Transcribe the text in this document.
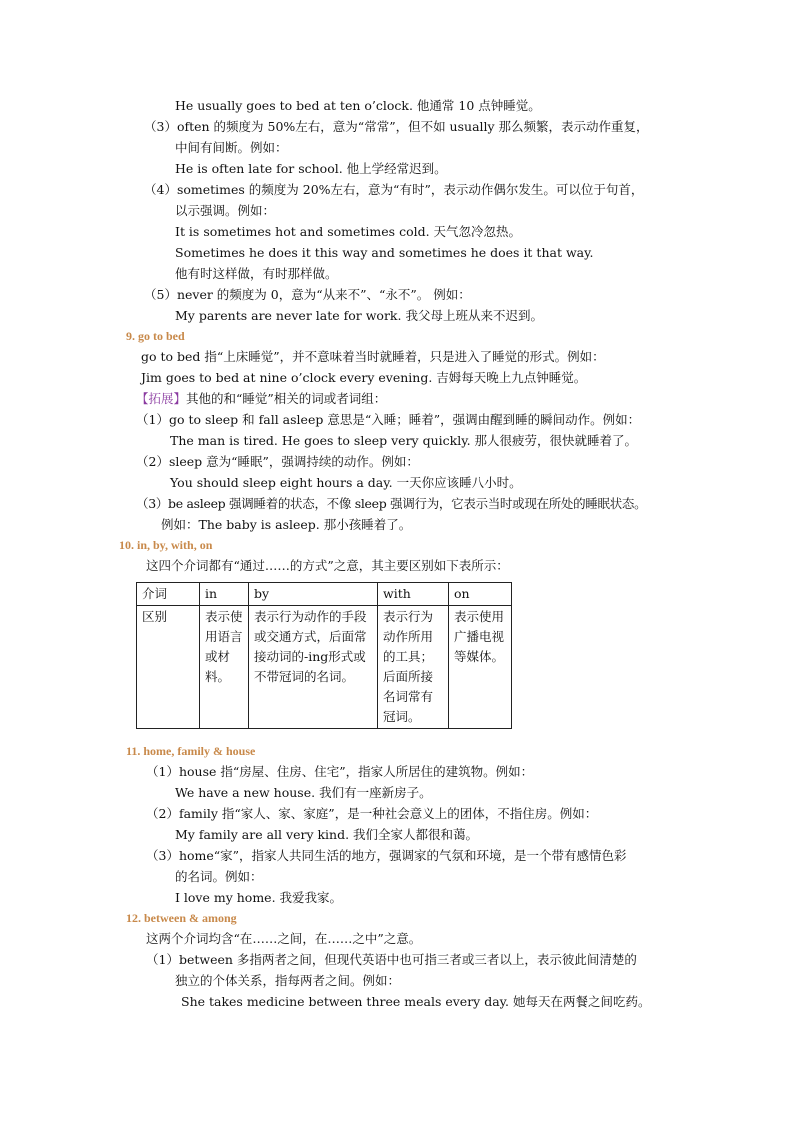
He usually goes to bed at ten o’clock. 他通常 10 点钟睡觉。
（3）often 的频度为 50%左右，意为“常常”，但不如 usually 那么频繁，表示动作重复，
中间有间断。例如：
He is often late for school. 他上学经常迟到。
（4）sometimes 的频度为 20%左右，意为“有时”，表示动作偶尔发生。可以位于句首，
以示强调。例如：
It is sometimes hot and sometimes cold. 天气忽冷忽热。
Sometimes he does it this way and sometimes he does it that way.
他有时这样做，有时那样做。
（5）never 的频度为 0，意为“从来不”、“永不”。 例如：
My parents are never late for work. 我父母上班从来不迟到。
9. go to bed
go to bed 指“上床睡觉”，并不意味着当时就睡着，只是进入了睡觉的形式。例如：
Jim goes to bed at nine o’clock every evening. 吉姆每天晚上九点钟睡觉。
【拓展】其他的和“睡觉”相关的词或者词组：
（1）go to sleep 和 fall asleep 意思是“入睡；睡着”，强调由醒到睡的瞬间动作。例如：
The man is tired. He goes to sleep very quickly. 那人很疲劳，很快就睡着了。
（2）sleep 意为“睡眠”，强调持续的动作。例如：
You should sleep eight hours a day. 一天你应该睡八小时。
（3）be asleep 强调睡着的状态，不像 sleep 强调行为，它表示当时或现在所处的睡眠状态。
例如：The baby is asleep. 那小孩睡着了。
10. in, by, with, on
这四个介词都有“通过……的方式”之意，其主要区别如下表所示：
介词	in	by	with	on
区别	表示使用语言或材料。	表示行为动作的手段或交通方式，后面常接动词的-ing形式或不带冠词的名词。	表示行为动作所用的工具；后面所接名词常有冠词。	表示使用广播电视等媒体。
11. home, family & house
（1）house 指“房屋、住房、住宅”，指家人所居住的建筑物。例如：
We have a new house. 我们有一座新房子。
（2）family 指“家人、家、家庭”，是一种社会意义上的团体，不指住房。例如：
My family are all very kind. 我们全家人都很和蔼。
（3）home“家”，指家人共同生活的地方，强调家的气氛和环境，是一个带有感情色彩
的名词。例如：
I love my home. 我爱我家。
12. between & among
这两个介词均含“在……之间，在……之中”之意。
（1）between 多指两者之间，但现代英语中也可指三者或三者以上，表示彼此间清楚的
独立的个体关系，指每两者之间。例如：
She takes medicine between three meals every day. 她每天在两餐之间吃药。
